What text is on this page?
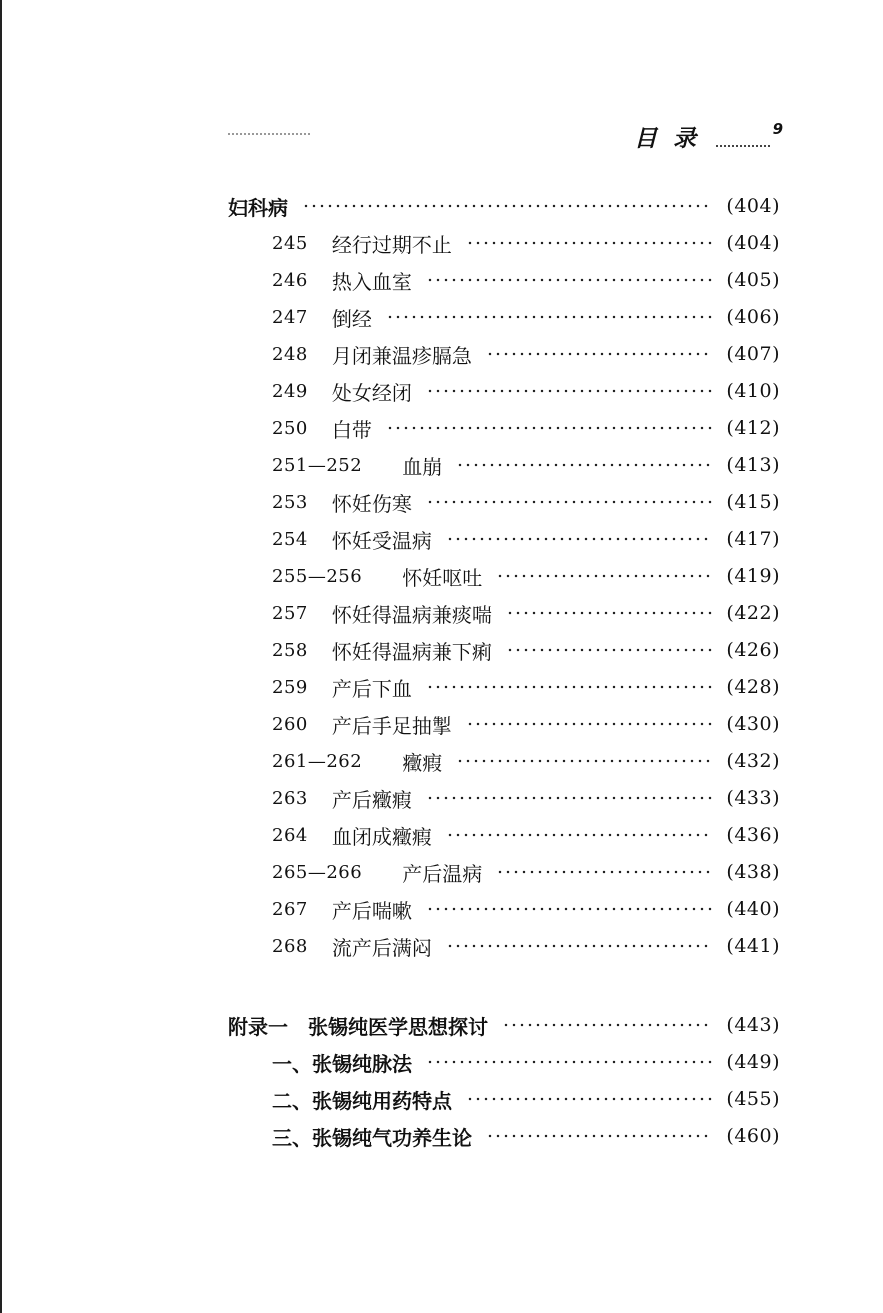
目 录	9
妇科病	(404)
245 经行过期不止	(404)
246 热入血室	(405)
247 倒经	(406)
248 月闭兼温疹膈急	(407)
249 处女经闭	(410)
250 白带	(412)
251—252 血崩	(413)
253 怀妊伤寒	(415)
254 怀妊受温病	(417)
255—256 怀妊呕吐	(419)
257 怀妊得温病兼痰喘	(422)
258 怀妊得温病兼下痢	(426)
259 产后下血	(428)
260 产后手足抽掣	(430)
261—262 癥瘕	(432)
263 产后癥瘕	(433)
264 血闭成癥瘕	(436)
265—266 产后温病	(438)
267 产后喘嗽	(440)
268 流产后满闷	(441)
附录一　张锡纯医学思想探讨	(443)
一、张锡纯脉法	(449)
二、张锡纯用药特点	(455)
三、张锡纯气功养生论	(460)
